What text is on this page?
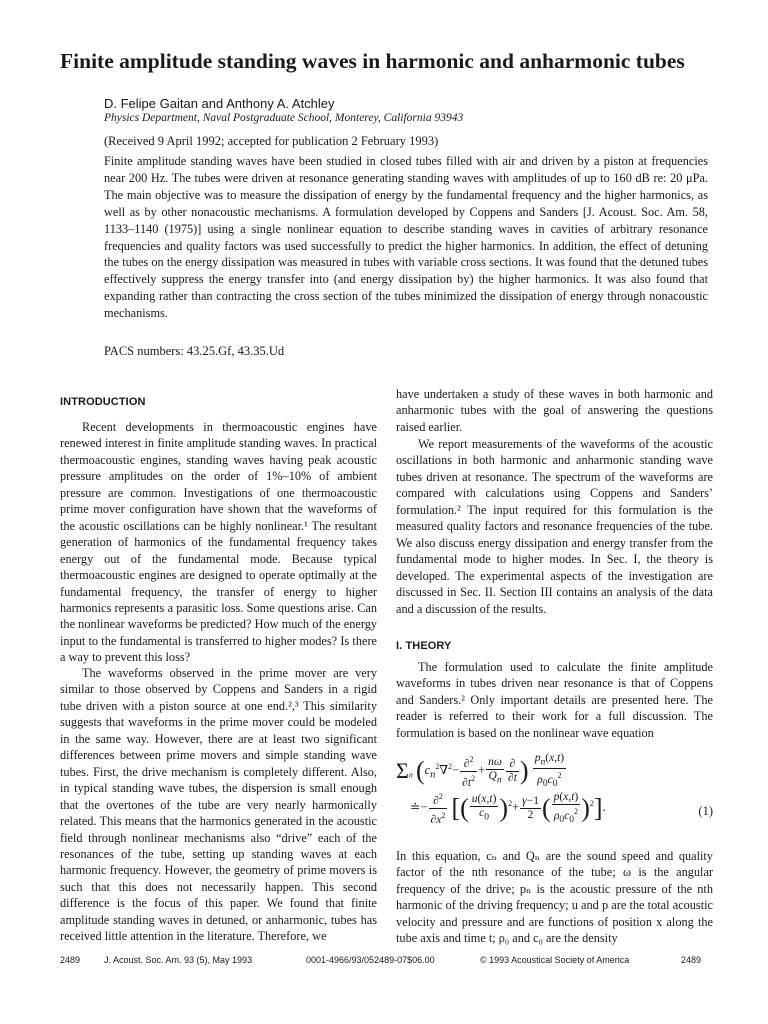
Finite amplitude standing waves in harmonic and anharmonic tubes
D. Felipe Gaitan and Anthony A. Atchley
Physics Department, Naval Postgraduate School, Monterey, California 93943
(Received 9 April 1992; accepted for publication 2 February 1993)

Finite amplitude standing waves have been studied in closed tubes filled with air and driven by a piston at frequencies near 200 Hz. The tubes were driven at resonance generating standing waves with amplitudes of up to 160 dB re: 20 μPa. The main objective was to measure the dissipation of energy by the fundamental frequency and the higher harmonics, as well as by other nonacoustic mechanisms. A formulation developed by Coppens and Sanders [J. Acoust. Soc. Am. 58, 1133–1140 (1975)] using a single nonlinear equation to describe standing waves in cavities of arbitrary resonance frequencies and quality factors was used successfully to predict the higher harmonics. In addition, the effect of detuning the tubes on the energy dissipation was measured in tubes with variable cross sections. It was found that the detuned tubes effectively suppress the energy transfer into (and energy dissipation by) the higher harmonics. It was also found that expanding rather than contracting the cross section of the tubes minimized the dissipation of energy through nonacoustic mechanisms.

PACS numbers: 43.25.Gf, 43.35.Ud
INTRODUCTION

Recent developments in thermoacoustic engines have renewed interest in finite amplitude standing waves. In practical thermoacoustic engines, standing waves having peak acoustic pressure amplitudes on the order of 1%–10% of ambient pressure are common. Investigations of one thermoacoustic prime mover configuration have shown that the waveforms of the acoustic oscillations can be highly nonlinear.¹ The resultant generation of harmonics of the fundamental frequency takes energy out of the fundamental mode. Because typical thermoacoustic engines are designed to operate optimally at the fundamental frequency, the transfer of energy to higher harmonics represents a parasitic loss. Some questions arise. Can the nonlinear waveforms be predicted? How much of the energy input to the fundamental is transferred to higher modes? Is there a way to prevent this loss?

The waveforms observed in the prime mover are very similar to those observed by Coppens and Sanders in a rigid tube driven with a piston source at one end.²,³ This similarity suggests that waveforms in the prime mover could be modeled in the same way. However, there are at least two significant differences between prime movers and simple standing wave tubes. First, the drive mechanism is completely different. Also, in typical standing wave tubes, the dispersion is small enough that the overtones of the tube are very nearly harmonically related. This means that the harmonics generated in the acoustic field through nonlinear mechanisms also “drive” each of the resonances of the tube, setting up standing waves at each harmonic frequency. However, the geometry of prime movers is such that this does not necessarily happen. This second difference is the focus of this paper. We found that finite amplitude standing waves in detuned, or anharmonic, tubes has received little attention in the literature. Therefore, we

have undertaken a study of these waves in both harmonic and anharmonic tubes with the goal of answering the questions raised earlier.

We report measurements of the waveforms of the acoustic oscillations in both harmonic and anharmonic standing wave tubes driven at resonance. The spectrum of the waveforms are compared with calculations using Coppens and Sanders’ formulation.² The input required for this formulation is the measured quality factors and resonance frequencies of the tube. We also discuss energy dissipation and energy transfer from the fundamental mode to higher modes. In Sec. I, the theory is developed. The experimental aspects of the investigation are discussed in Sec. II. Section III contains an analysis of the data and a discussion of the results.

I. THEORY

The formulation used to calculate the finite amplitude waveforms in tubes driven near resonance is that of Coppens and Sanders.² Only important details are presented here. The reader is referred to their work for a full discussion. The formulation is based on the nonlinear wave equation

$\Sigma_n$ ($c_n^2\nabla^2- \frac{\partial^2}{\partial t^2} + \frac{n\omega}{Q_n} \frac{\partial}{\partial t}$ ) $\frac{p_n(x,t)}{\rho_0c_0^2}$
≐− $\frac{\partial^2}{\partial x^2}$ [( $\frac{u(x,t)}{c_0} )^2+ \frac{\gamma-1}{2}$ ( $\frac{p(x,t)}{\rho_0c_0^2} )^2$].	(1)

In this equation, cₙ and Qₙ are the sound speed and quality factor of the nth resonance of the tube; ω is the angular frequency of the drive; pₙ is the acoustic pressure of the nth harmonic of the driving frequency; u and p are the total acoustic velocity and pressure and are functions of position x along the tube axis and time t; ρ₀ and c₀ are the density

2489	J. Acoust. Soc. Am. 93 (5), May 1993	0001-4966/93/052489-07$06.00	© 1993 Acoustical Society of America	2489
